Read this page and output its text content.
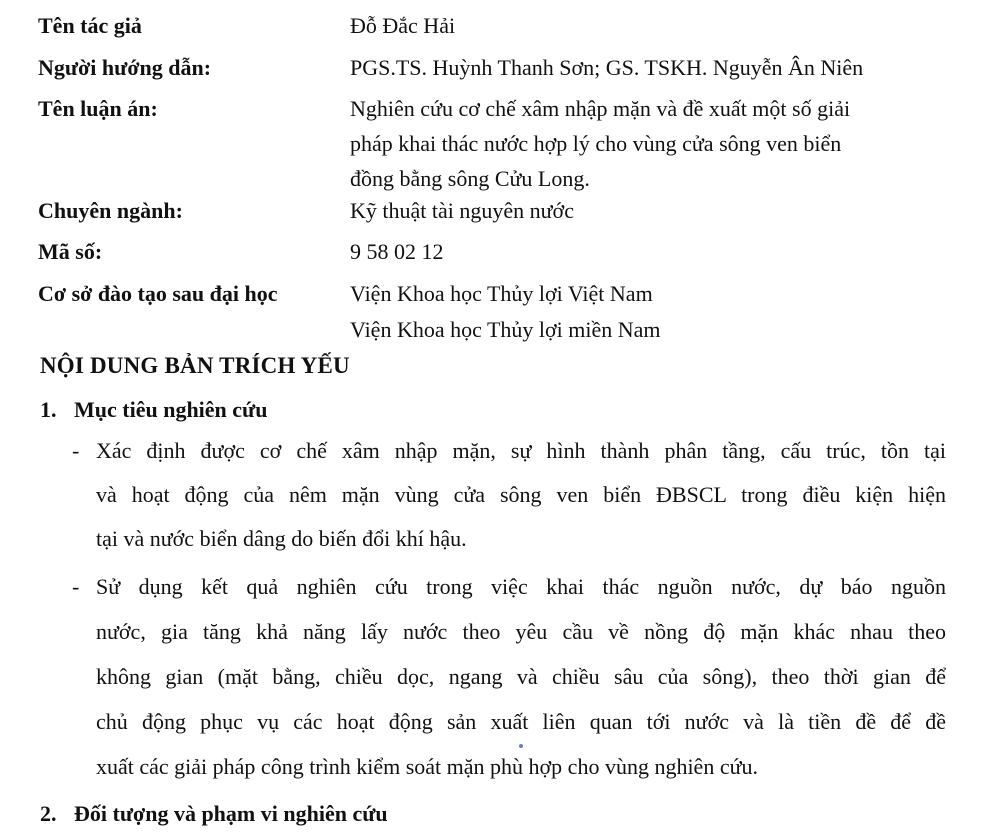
Tên tác giả	Đỗ Đắc Hải
Người hướng dẫn:	PGS.TS. Huỳnh Thanh Sơn; GS. TSKH. Nguyễn Ân Niên
Tên luận án:	Nghiên cứu cơ chế xâm nhập mặn và đề xuất một số giải
pháp khai thác nước hợp lý cho vùng cửa sông ven biển
đồng bằng sông Cửu Long.
Chuyên ngành:	Kỹ thuật tài nguyên nước
Mã số:	9 58 02 12
Cơ sở đào tạo sau đại học	Viện Khoa học Thủy lợi Việt Nam
Viện Khoa học Thủy lợi miền Nam
NỘI DUNG BẢN TRÍCH YẾU
1. Mục tiêu nghiên cứu
- Xác định được cơ chế xâm nhập mặn, sự hình thành phân tầng, cấu trúc, tồn tại
và hoạt động của nêm mặn vùng cửa sông ven biển ĐBSCL trong điều kiện hiện
tại và nước biển dâng do biến đổi khí hậu.
- Sử dụng kết quả nghiên cứu trong việc khai thác nguồn nước, dự báo nguồn
nước, gia tăng khả năng lấy nước theo yêu cầu về nồng độ mặn khác nhau theo
không gian (mặt bằng, chiều dọc, ngang và chiều sâu của sông), theo thời gian để
chủ động phục vụ các hoạt động sản xuất liên quan tới nước và là tiền đề để đề
xuất các giải pháp công trình kiểm soát mặn phù hợp cho vùng nghiên cứu.
2. Đối tượng và phạm vi nghiên cứu
